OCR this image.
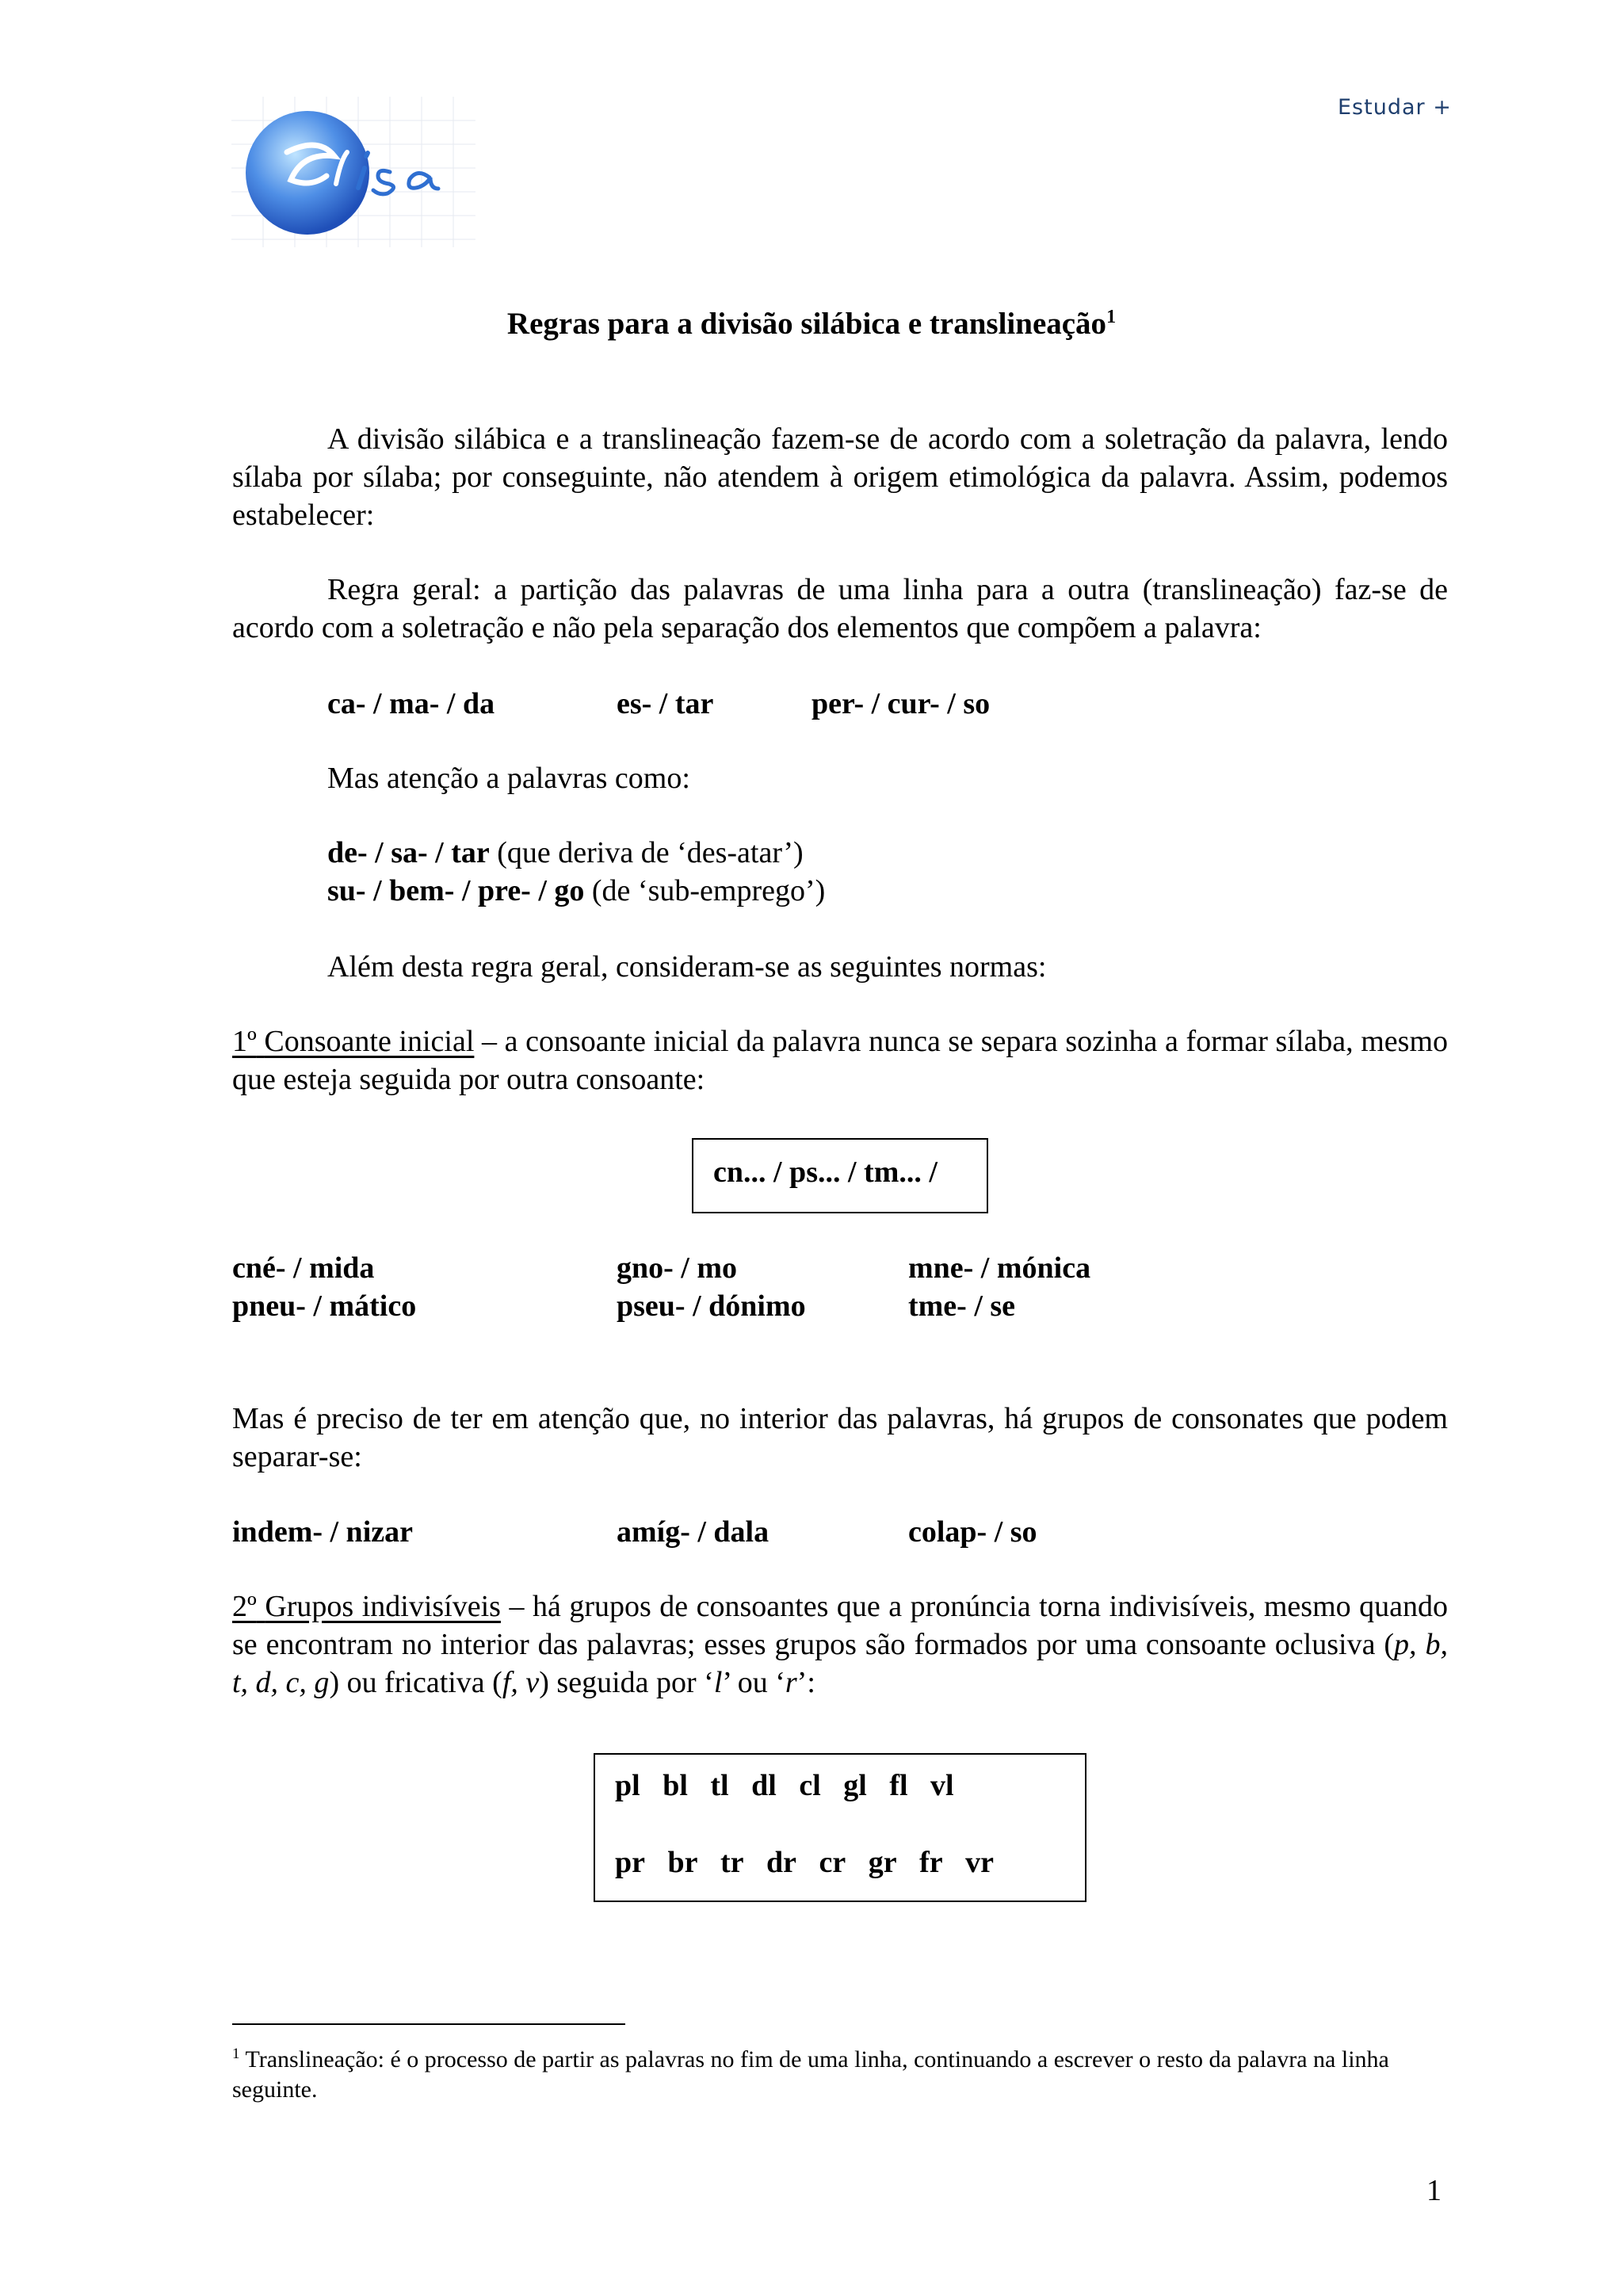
Estudar +
Regras para a divisão silábica e translineação$^1$
A divisão silábica e a translineação fazem-se de acordo com a soletração da palavra, lendo sílaba por sílaba; por conseguinte, não atendem à origem etimológica da palavra. Assim, podemos estabelecer:
Regra geral: a partição das palavras de uma linha para a outra (translineação) faz-se de acordo com a soletração e não pela separação dos elementos que compõem a palavra:
ca- / ma- / da	es- / tar	per- / cur- / so
Mas atenção a palavras como:
de- / sa- / tar (que deriva de ‘des-atar’)
su- / bem- / pre- / go (de ‘sub-emprego’)
Além desta regra geral, consideram-se as seguintes normas:
1º Consoante inicial – a consoante inicial da palavra nunca se separa sozinha a formar sílaba, mesmo que esteja seguida por outra consoante:
cn... / ps... / tm... /
cné- / mida	gno- / mo	mne- / mónica
pneu- / mático	pseu- / dónimo	tme- / se
Mas é preciso de ter em atenção que, no interior das palavras, há grupos de consonates que podem separar-se:
indem- / nizar	amíg- / dala	colap- / so
2º Grupos indivisíveis – há grupos de consoantes que a pronúncia torna indivisíveis, mesmo quando se encontram no interior das palavras; esses grupos são formados por uma consoante oclusiva (p, b, t, d, c, g) ou fricativa (f, v) seguida por ‘l’ ou ‘r’:
pl bl tl dl cl gl fl vl
pr br tr dr cr gr fr vr
$^1$ Translineação: é o processo de partir as palavras no fim de uma linha, continuando a escrever o resto da palavra na linha seguinte.
1
